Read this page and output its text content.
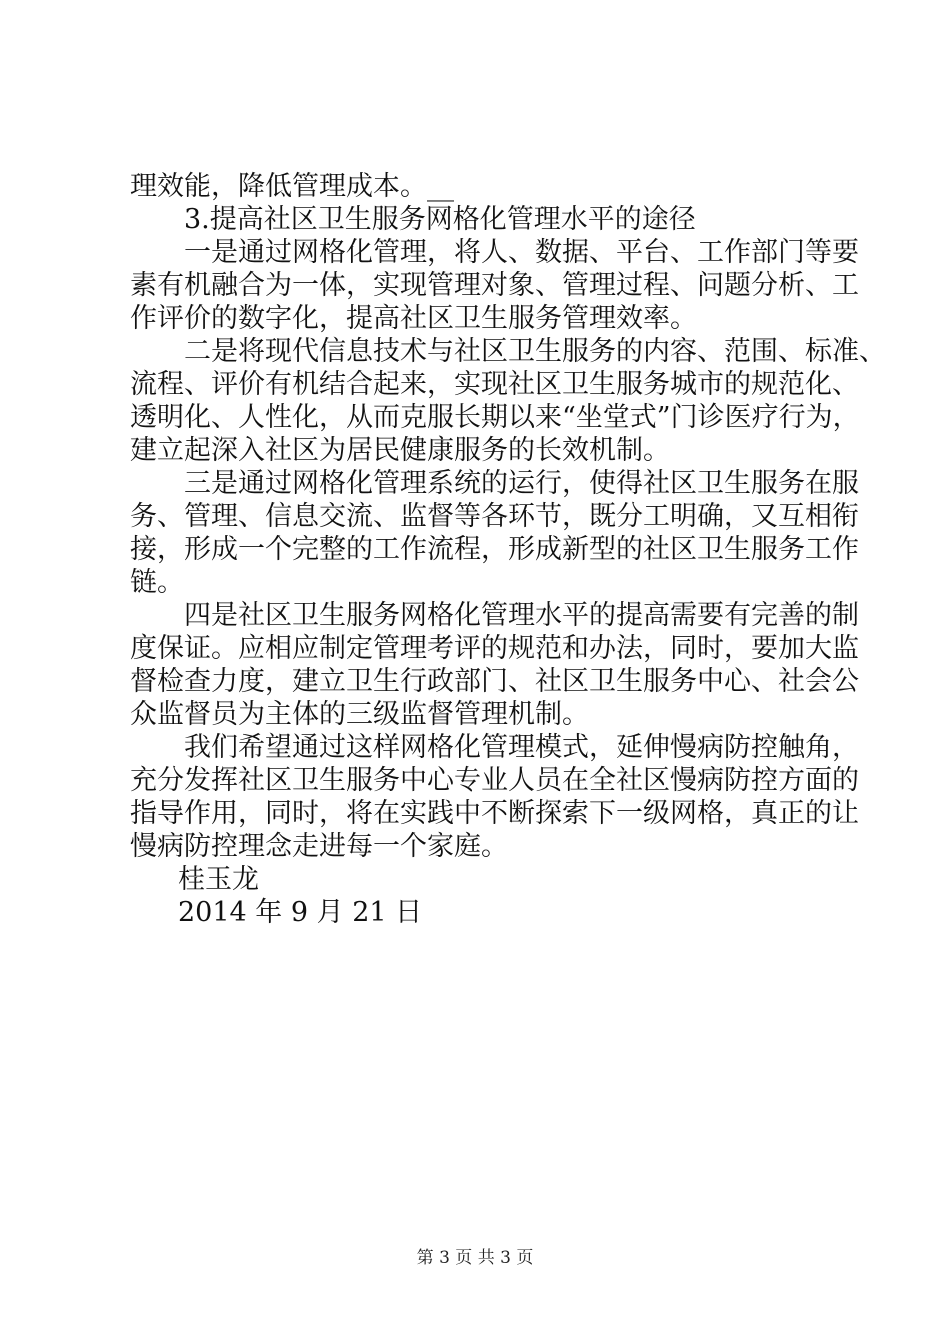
理效能，降低管理成本。__
3.提高社区卫生服务网格化管理水平的途径
一是通过网格化管理，将人、数据、平台、工作部门等要
素有机融合为一体，实现管理对象、管理过程、问题分析、工
作评价的数字化，提高社区卫生服务管理效率。
二是将现代信息技术与社区卫生服务的内容、范围、标准、
流程、评价有机结合起来，实现社区卫生服务城市的规范化、
透明化、人性化，从而克服长期以来“坐堂式”门诊医疗行为，
建立起深入社区为居民健康服务的长效机制。
三是通过网格化管理系统的运行，使得社区卫生服务在服
务、管理、信息交流、监督等各环节，既分工明确，又互相衔
接，形成一个完整的工作流程，形成新型的社区卫生服务工作
链。
四是社区卫生服务网格化管理水平的提高需要有完善的制
度保证。应相应制定管理考评的规范和办法，同时，要加大监
督检查力度，建立卫生行政部门、社区卫生服务中心、社会公
众监督员为主体的三级监督管理机制。
我们希望通过这样网格化管理模式，延伸慢病防控触角，
充分发挥社区卫生服务中心专业人员在全社区慢病防控方面的
指导作用，同时，将在实践中不断探索下一级网格，真正的让
慢病防控理念走进每一个家庭。
桂玉龙
2014 年 9 月 21 日
第 3 页 共 3 页
